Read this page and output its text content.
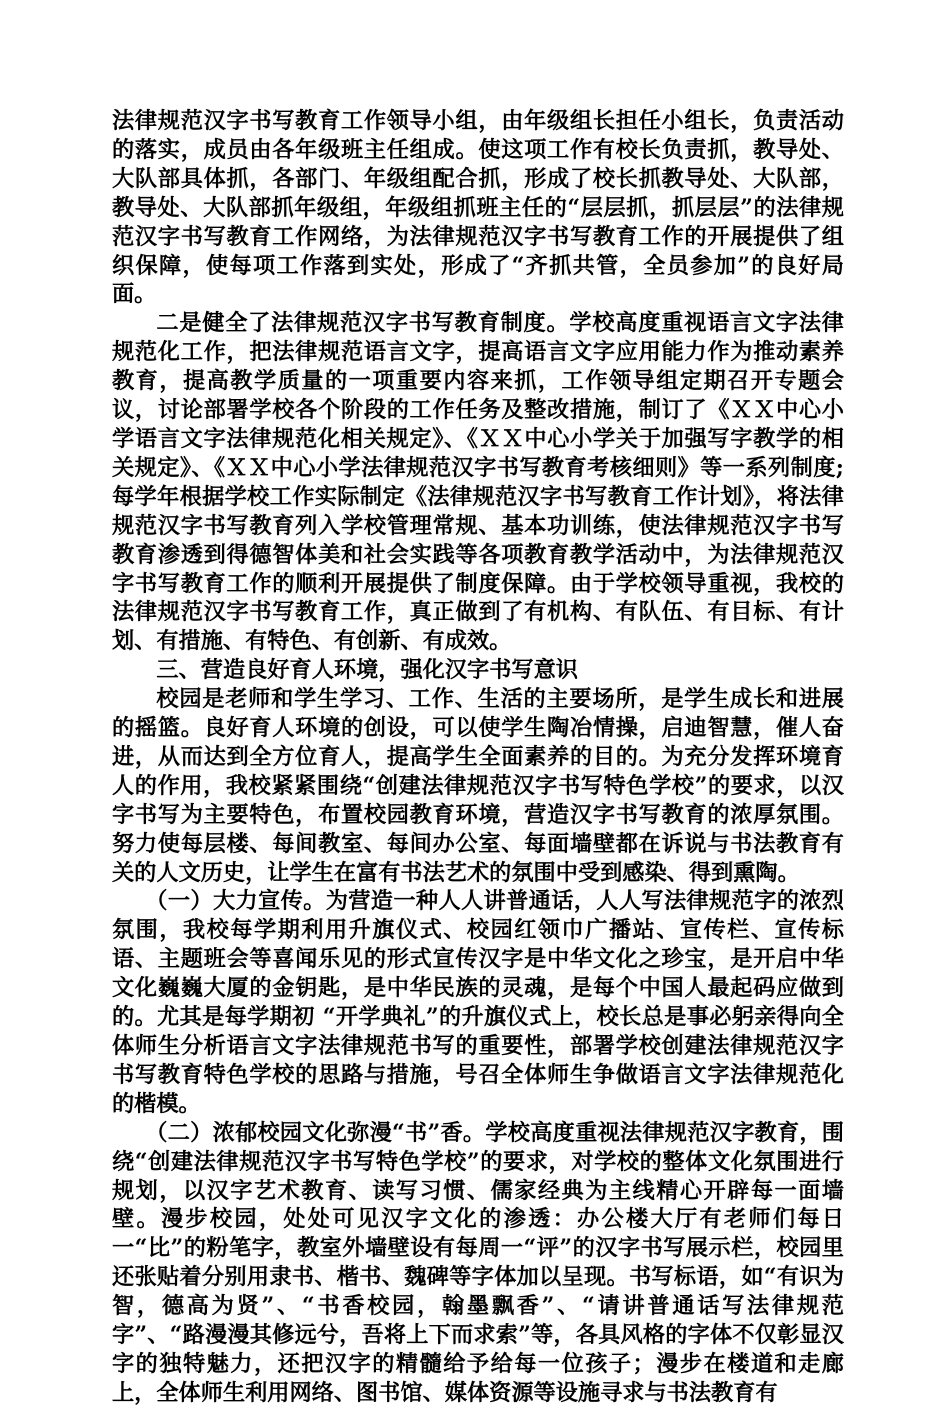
法律规范汉字书写教育工作领导小组，由年级组长担任小组长，负责活动的落实，成员由各年级班主任组成。使这项工作有校长负责抓，教导处、大队部具体抓，各部门、年级组配合抓，形成了校长抓教导处、大队部，教导处、大队部抓年级组，年级组抓班主任的“层层抓，抓层层”的法律规范汉字书写教育工作网络，为法律规范汉字书写教育工作的开展提供了组织保障，使每项工作落到实处，形成了“齐抓共管，全员参加”的良好局面。

二是健全了法律规范汉字书写教育制度。学校高度重视语言文字法律规范化工作，把法律规范语言文字，提高语言文字应用能力作为推动素养教育，提高教学质量的一项重要内容来抓，工作领导组定期召开专题会议，讨论部署学校各个阶段的工作任务及整改措施，制订了《ＸＸ中心小学语言文字法律规范化相关规定》、《ＸＸ中心小学关于加强写字教学的相关规定》、《ＸＸ中心小学法律规范汉字书写教育考核细则》等一系列制度;每学年根据学校工作实际制定《法律规范汉字书写教育工作计划》，将法律规范汉字书写教育列入学校管理常规、基本功训练，使法律规范汉字书写教育渗透到得德智体美和社会实践等各项教育教学活动中，为法律规范汉字书写教育工作的顺利开展提供了制度保障。由于学校领导重视，我校的法律规范汉字书写教育工作，真正做到了有机构、有队伍、有目标、有计划、有措施、有特色、有创新、有成效。

三、营造良好育人环境，强化汉字书写意识

校园是老师和学生学习、工作、生活的主要场所，是学生成长和进展的摇篮。良好育人环境的创设，可以使学生陶冶情操，启迪智慧，催人奋进，从而达到全方位育人，提高学生全面素养的目的。为充分发挥环境育人的作用，我校紧紧围绕“创建法律规范汉字书写特色学校”的要求，以汉字书写为主要特色，布置校园教育环境，营造汉字书写教育的浓厚氛围。努力使每层楼、每间教室、每间办公室、每面墙壁都在诉说与书法教育有关的人文历史，让学生在富有书法艺术的氛围中受到感染、得到熏陶。

（一）大力宣传。为营造一种人人讲普通话，人人写法律规范字的浓烈氛围，我校每学期利用升旗仪式、校园红领巾广播站、宣传栏、宣传标语、主题班会等喜闻乐见的形式宣传汉字是中华文化之珍宝，是开启中华文化巍巍大厦的金钥匙，是中华民族的灵魂，是每个中国人最起码应做到的。尤其是每学期初 “开学典礼”的升旗仪式上，校长总是事必躬亲得向全体师生分析语言文字法律规范书写的重要性，部署学校创建法律规范汉字书写教育特色学校的思路与措施，号召全体师生争做语言文字法律规范化的楷模。

（二）浓郁校园文化弥漫“书”香。学校高度重视法律规范汉字教育，围绕“创建法律规范汉字书写特色学校”的要求，对学校的整体文化氛围进行规划，以汉字艺术教育、读写习惯、儒家经典为主线精心开辟每一面墙壁。漫步校园，处处可见汉字文化的渗透：办公楼大厅有老师们每日一“比”的粉笔字，教室外墙壁设有每周一“评”的汉字书写展示栏，校园里还张贴着分别用隶书、楷书、魏碑等字体加以呈现。书写标语，如“有识为智，德高为贤”、“书香校园，翰墨飘香”、“请讲普通话写法律规范字”、“路漫漫其修远兮，吾将上下而求索”等，各具风格的字体不仅彰显汉字的独特魅力，还把汉字的精髓给予给每一位孩子；漫步在楼道和走廊上，全体师生利用网络、图书馆、媒体资源等设施寻求与书法教育有
